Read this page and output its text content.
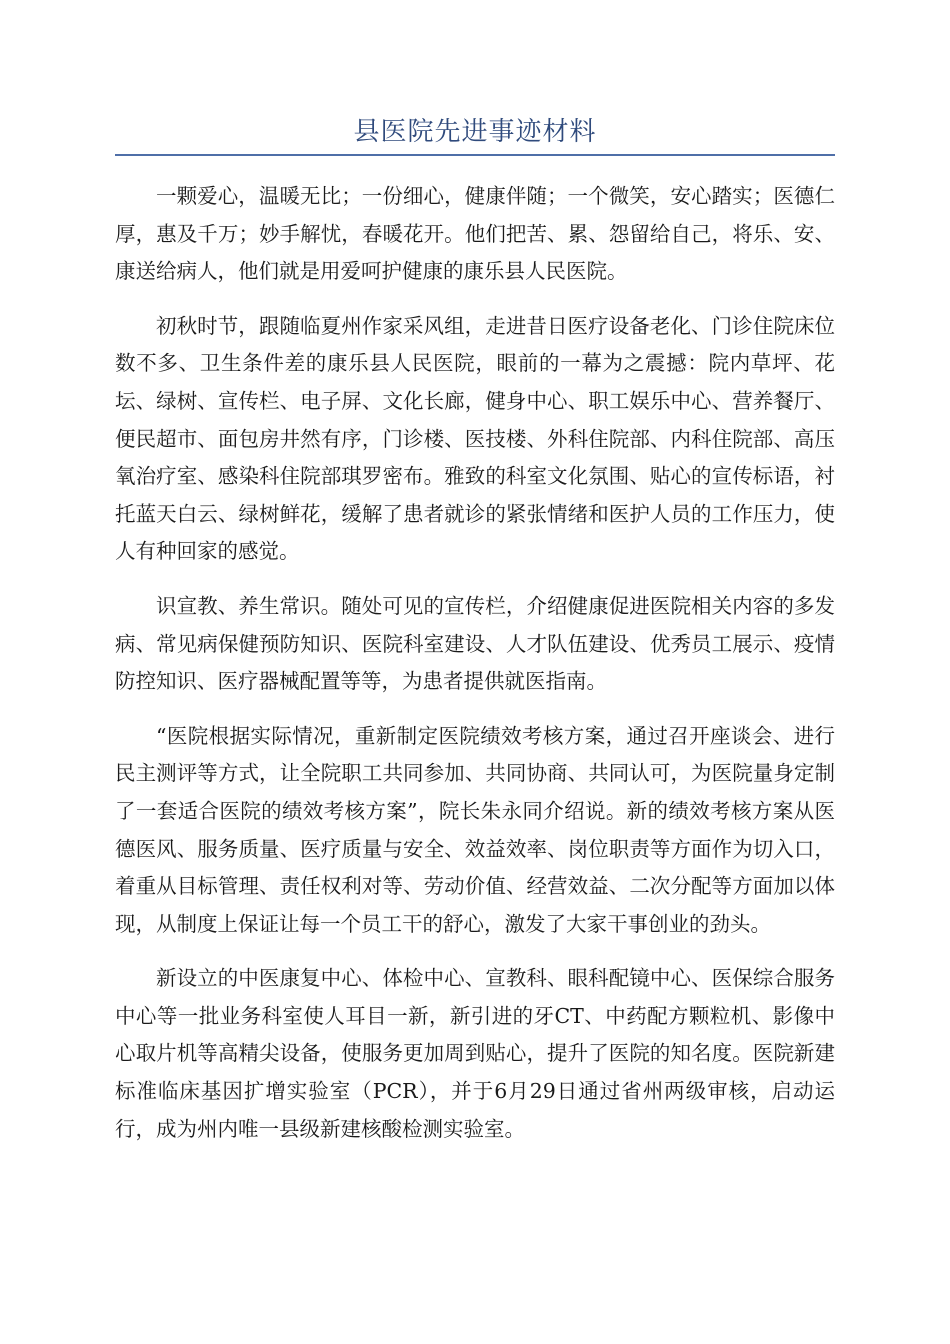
县医院先进事迹材料

一颗爱心，温暖无比；一份细心，健康伴随；一个微笑，安心踏实；医德仁厚，惠及千万；妙手解忧，春暖花开。他们把苦、累、怨留给自己，将乐、安、康送给病人，他们就是用爱呵护健康的康乐县人民医院。

初秋时节，跟随临夏州作家采风组，走进昔日医疗设备老化、门诊住院床位数不多、卫生条件差的康乐县人民医院，眼前的一幕为之震撼：院内草坪、花坛、绿树、宣传栏、电子屏、文化长廊，健身中心、职工娱乐中心、营养餐厅、便民超市、面包房井然有序，门诊楼、医技楼、外科住院部、内科住院部、高压氧治疗室、感染科住院部琪罗密布。雅致的科室文化氛围、贴心的宣传标语，衬托蓝天白云、绿树鲜花，缓解了患者就诊的紧张情绪和医护人员的工作压力，使人有种回家的感觉。

识宣教、养生常识。随处可见的宣传栏，介绍健康促进医院相关内容的多发病、常见病保健预防知识、医院科室建设、人才队伍建设、优秀员工展示、疫情防控知识、医疗器械配置等等，为患者提供就医指南。

“医院根据实际情况，重新制定医院绩效考核方案，通过召开座谈会、进行民主测评等方式，让全院职工共同参加、共同协商、共同认可，为医院量身定制了一套适合医院的绩效考核方案”，院长朱永同介绍说。新的绩效考核方案从医德医风、服务质量、医疗质量与安全、效益效率、岗位职责等方面作为切入口，着重从目标管理、责任权利对等、劳动价值、经营效益、二次分配等方面加以体现，从制度上保证让每一个员工干的舒心，激发了大家干事创业的劲头。

新设立的中医康复中心、体检中心、宣教科、眼科配镜中心、医保综合服务中心等一批业务科室使人耳目一新，新引进的牙CT、中药配方颗粒机、影像中心取片机等高精尖设备，使服务更加周到贴心，提升了医院的知名度。医院新建标准临床基因扩增实验室（PCR），并于6月29日通过省州两级审核，启动运行，成为州内唯一县级新建核酸检测实验室。
